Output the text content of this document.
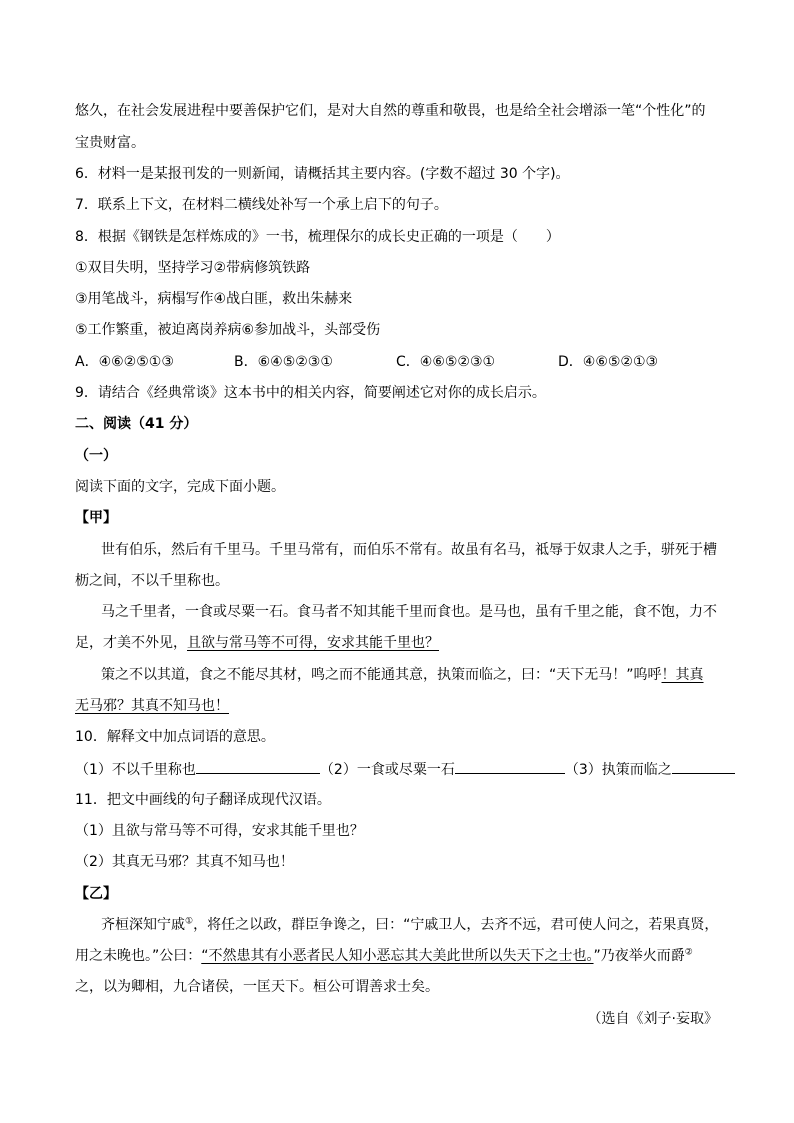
悠久，在社会发展进程中要善保护它们，是对大自然的尊重和敬畏，也是给全社会增添一笔“个性化”的
宝贵财富。
6．材料一是某报刊发的一则新闻，请概括其主要内容。(字数不超过 30 个字)。
7．联系上下文，在材料二横线处补写一个承上启下的句子。
8．根据《钢铁是怎样炼成的》一书，梳理保尔的成长史正确的一项是（　　）
①双目失明，坚持学习②带病修筑铁路
③用笔战斗，病榻写作④战白匪，救出朱赫来
⑤工作繁重，被迫离岗养病⑥参加战斗，头部受伤
A．④⑥②⑤①③	B．⑥④⑤②③①	C．④⑥⑤②③①	D．④⑥⑤②①③
9．请结合《经典常谈》这本书中的相关内容，简要阐述它对你的成长启示。
二、阅读（41 分）
（一）
阅读下面的文字，完成下面小题。
【甲】
世有伯乐，然后有千里马。千里马常有，而伯乐不常有。故虽有名马，祗辱于奴隶人之手，骈死于槽
枥之间，不以千里称也。
马之千里者，一食或尽粟一石。食马者不知其能千里而食也。是马也，虽有千里之能，食不饱，力不
足，才美不外见，且欲与常马等不可得，安求其能千里也？
策之不以其道，食之不能尽其材，鸣之而不能通其意，执策而临之，曰：“天下无马！”呜呼！其真
无马邪？其真不知马也！
10．解释文中加点词语的意思。
（1）不以千里称也	（2）一食或尽粟一石	（3）执策而临之
11．把文中画线的句子翻译成现代汉语。
（1）且欲与常马等不可得，安求其能千里也？
（2）其真无马邪？其真不知马也！
【乙】
齐桓深知宁戚①，将任之以政，群臣争谗之，曰：“宁戚卫人，去齐不远，君可使人问之，若果真贤，
用之未晚也。”公曰：“不然患其有小恶者民人知小恶忘其大美此世所以失天下之士也。”乃夜举火而爵②
之，以为卿相，九合诸侯，一匡天下。桓公可谓善求士矣。
（选自《刘子·妄取》
